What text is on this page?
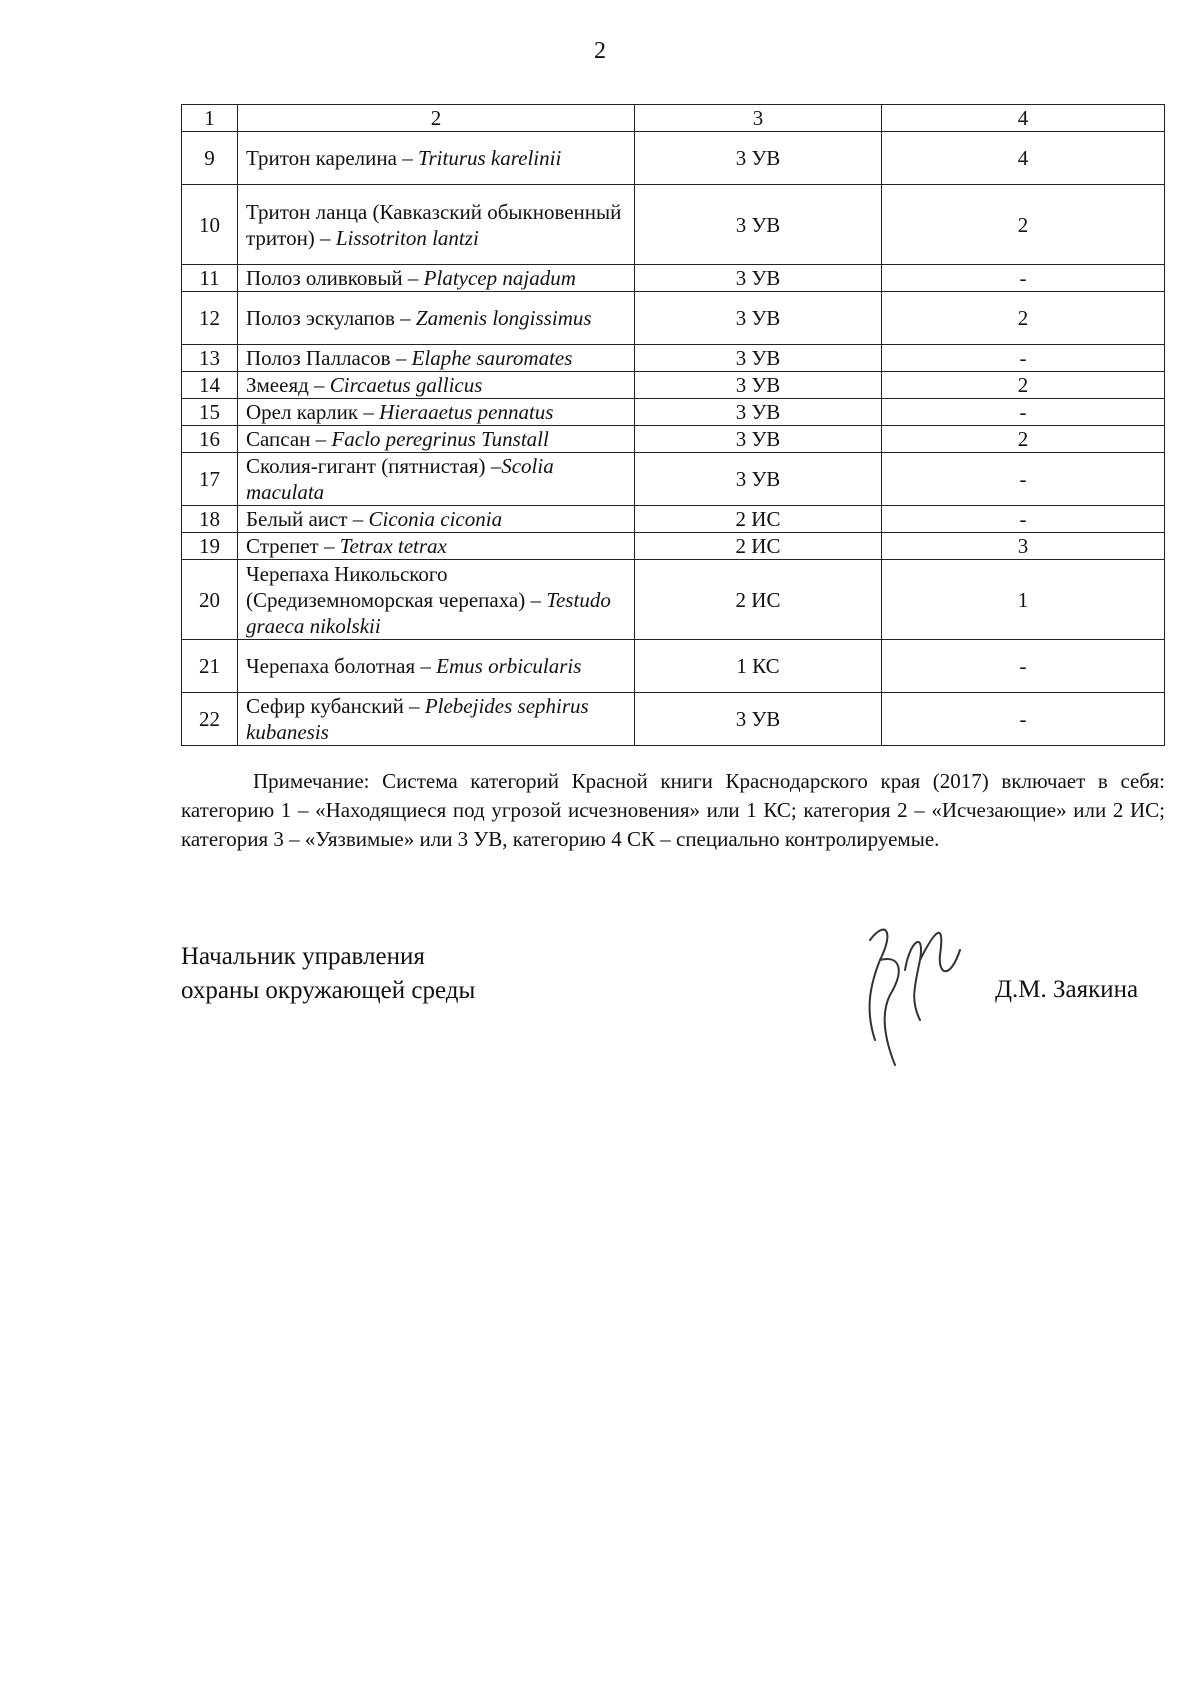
2
1	2	3	4
9	Тритон карелина – Triturus karelinii	3 УВ	4
10	Тритон ланца (Кавказский обыкновенный тритон) – Lissotriton lantzi	3 УВ	2
11	Полоз оливковый – Platycep najadum	3 УВ	-
12	Полоз эскулапов – Zamenis longissimus	3 УВ	2
13	Полоз Палласов – Elaphe sauromates	3 УВ	-
14	Змееяд – Circaetus gallicus	3 УВ	2
15	Орел карлик – Hieraaetus pennatus	3 УВ	-
16	Сапсан – Faclo peregrinus Tunstall	3 УВ	2
17	Сколия-гигант (пятнистая) –Scolia maculata	3 УВ	-
18	Белый аист – Ciconia ciconia	2 ИС	-
19	Стрепет – Tetrax tetrax	2 ИС	3
20	Черепаха Никольского (Средиземноморская черепаха) – Testudo graeca nikolskii	2 ИС	1
21	Черепаха болотная – Emus orbicularis	1 КС	-
22	Сефир кубанский – Plebejides sephirus kubanesis	3 УВ	-
Примечание: Система категорий Красной книги Краснодарского края (2017) включает в себя: категорию 1 – «Находящиеся под угрозой исчезновения» или 1 КС; категория 2 – «Исчезающие» или 2 ИС; категория 3 – «Уязвимые» или 3 УВ, категорию 4 СК – специально контролируемые.
Начальник управления
охраны окружающей среды	Д.М. Заякина
